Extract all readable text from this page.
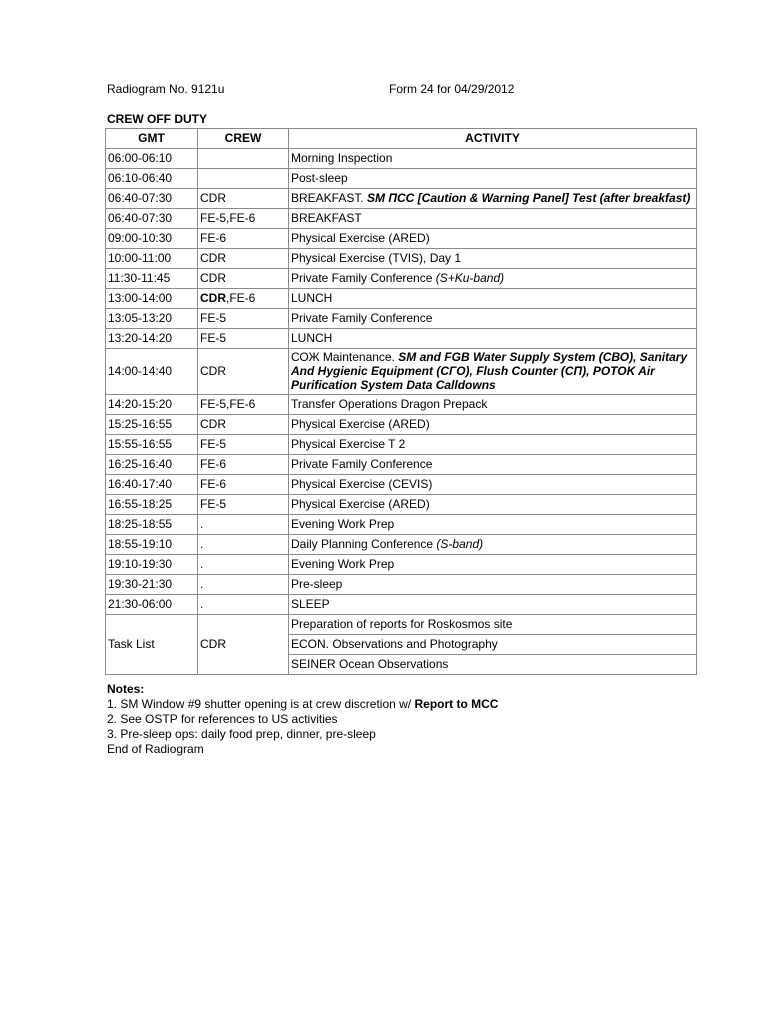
Radiogram No. 9121u	Form 24 for 04/29/2012
CREW OFF DUTY
GMT	CREW	ACTIVITY
06:00-06:10		Morning Inspection
06:10-06:40		Post-sleep
06:40-07:30	CDR	BREAKFAST. SM ПСС [Caution & Warning Panel] Test (after breakfast)
06:40-07:30	FE-5,FE-6	BREAKFAST
09:00-10:30	FE-6	Physical Exercise (ARED)
10:00-11:00	CDR	Physical Exercise (TVIS), Day 1
11:30-11:45	CDR	Private Family Conference (S+Ku-band)
13:00-14:00	CDR,FE-6	LUNCH
13:05-13:20	FE-5	Private Family Conference
13:20-14:20	FE-5	LUNCH
14:00-14:40	CDR	СОЖ Maintenance. SM and FGB Water Supply System (СВО), Sanitary And Hygienic Equipment (СГО), Flush Counter (СП), POTOK Air Purification System Data Calldowns
14:20-15:20	FE-5,FE-6	Transfer Operations Dragon Prepack
15:25-16:55	CDR	Physical Exercise (ARED)
15:55-16:55	FE-5	Physical Exercise T 2
16:25-16:40	FE-6	Private Family Conference
16:40-17:40	FE-6	Physical Exercise (CEVIS)
16:55-18:25	FE-5	Physical Exercise (ARED)
18:25-18:55	.	Evening Work Prep
18:55-19:10	.	Daily Planning Conference (S-band)
19:10-19:30	.	Evening Work Prep
19:30-21:30	.	Pre-sleep
21:30-06:00	.	SLEEP
Task List	CDR	Preparation of reports for Roskosmos site
		ECON. Observations and Photography
		SEINER Ocean Observations
Notes:
1. SM Window #9 shutter opening is at crew discretion w/ Report to MCC
2. See OSTP for references to US activities
3. Pre-sleep ops: daily food prep, dinner, pre-sleep
End of Radiogram
